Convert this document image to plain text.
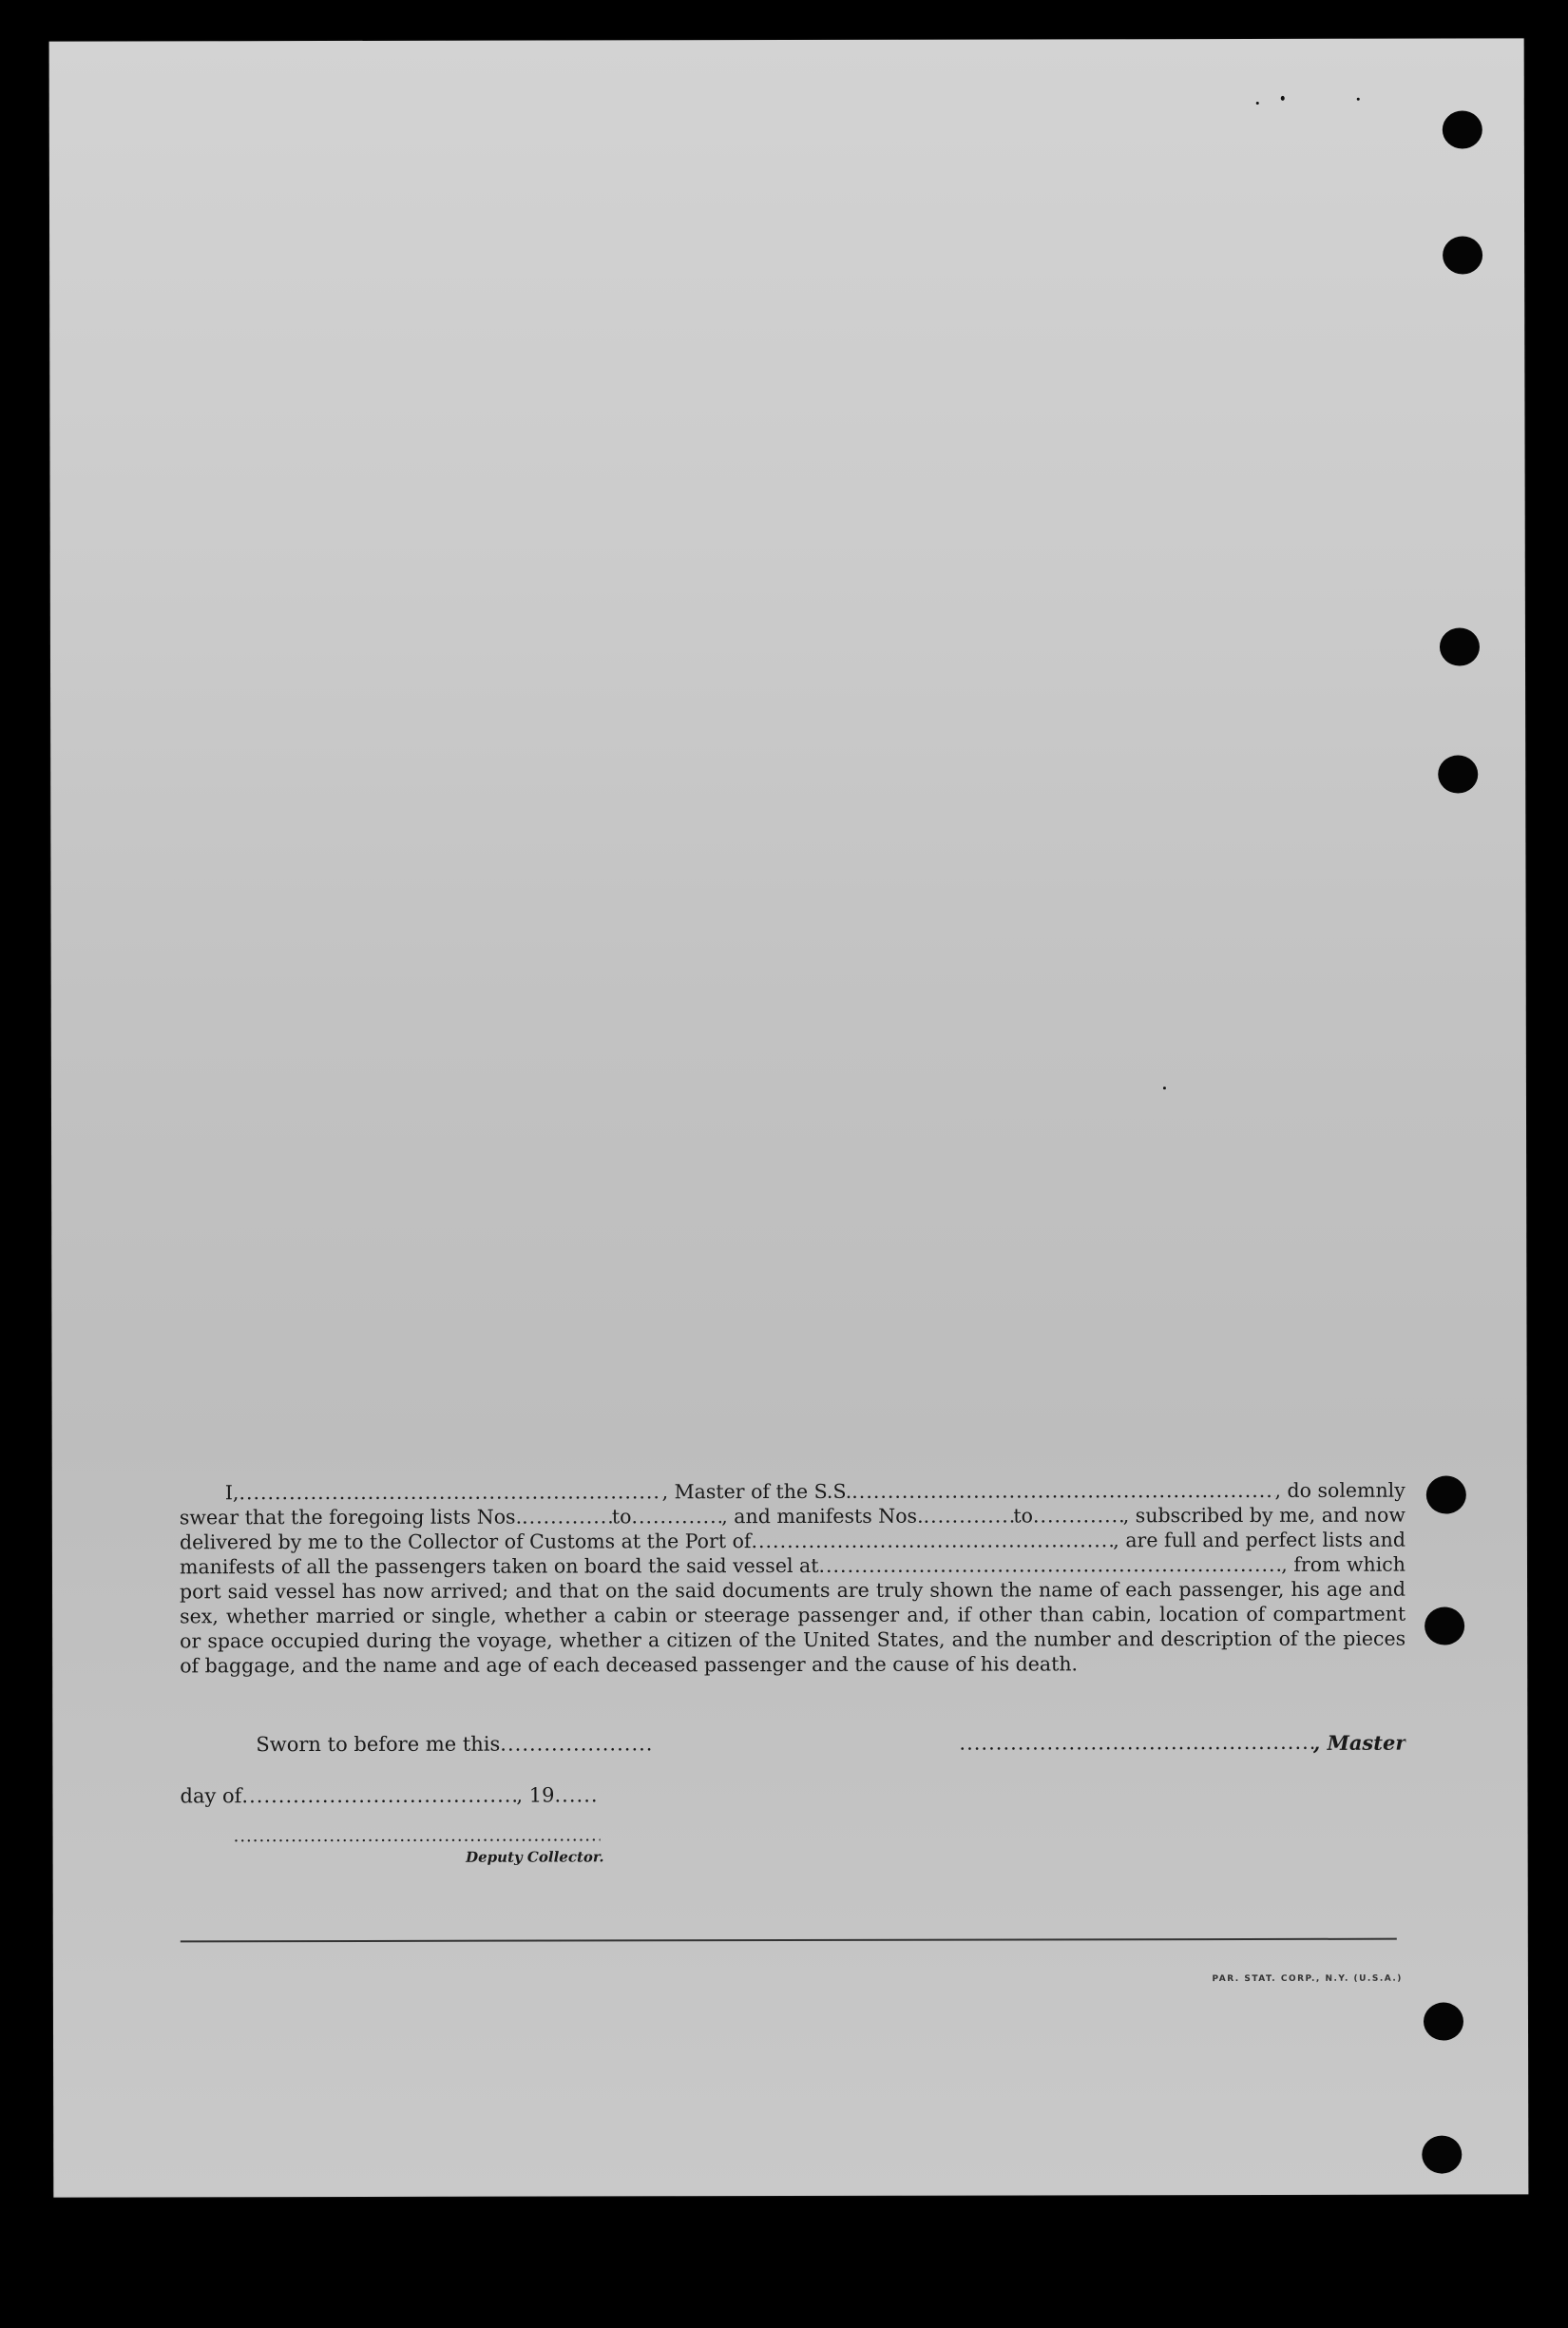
I, .....	, Master of the S.S. .....	, do solemnly
swear that the foregoing lists Nos. .....	to .....	, and manifests Nos. .....	to .....	, subscribed by me, and now
delivered by me to the Collector of Customs at the Port of .....	, are full and perfect lists and
manifests of all the passengers taken on board the said vessel at .....	, from which
port said vessel has now arrived; and that on the said documents are truly shown the name of each passenger, his age and
sex, whether married or single, whether a cabin or steerage passenger and, if other than cabin, location of compartment
or space occupied during the voyage, whether a citizen of the United States, and the number and description of the pieces
of baggage, and the name and age of each deceased passenger and the cause of his death.
Sworn to before me this ..... .....	, Master
day of .....	, 19
.....
.....
Deputy Collector.
PAR. STAT. CORP., N.Y. (U.S.A.)
